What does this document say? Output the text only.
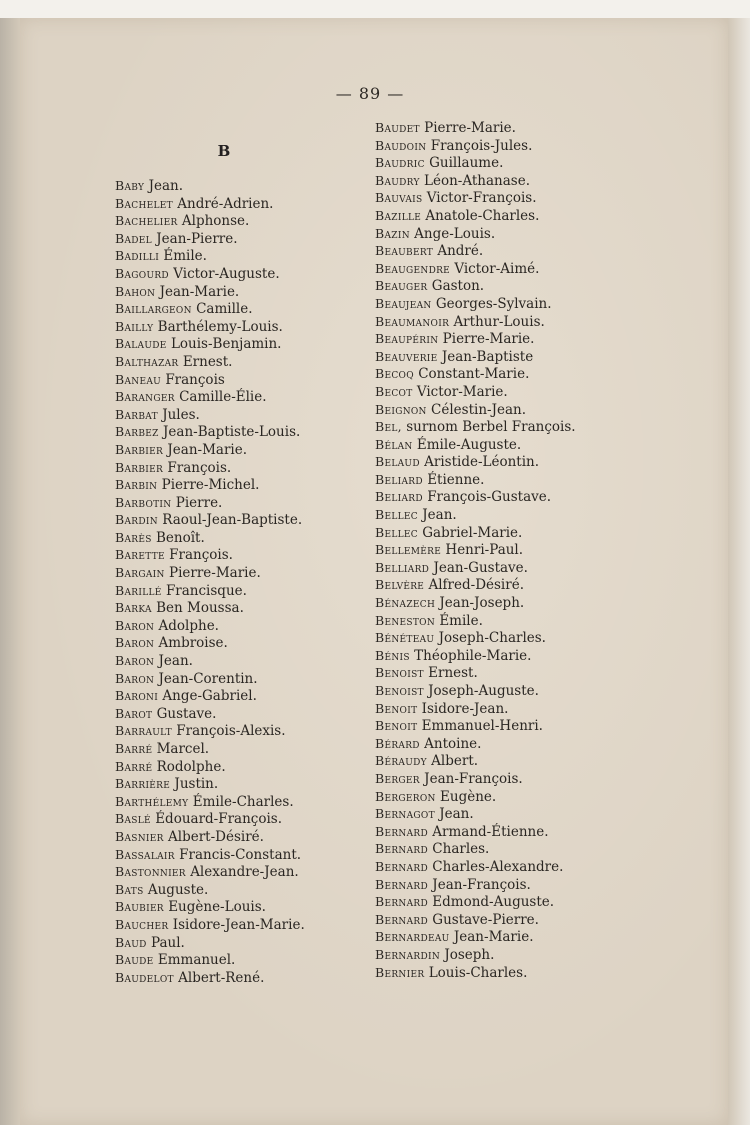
— 89 —
B
Baby Jean.
Bachelet André-Adrien.
Bachelier Alphonse.
Badel Jean-Pierre.
Badilli Émile.
Bagourd Victor-Auguste.
Bahon Jean-Marie.
Baillargeon Camille.
Bailly Barthélemy-Louis.
Balaude Louis-Benjamin.
Balthazar Ernest.
Baneau François
Baranger Camille-Élie.
Barbat Jules.
Barbez Jean-Baptiste-Louis.
Barbier Jean-Marie.
Barbier François.
Barbin Pierre-Michel.
Barbotin Pierre.
Bardin Raoul-Jean-Baptiste.
Barès Benoît.
Barette François.
Bargain Pierre-Marie.
Barillé Francisque.
Barka Ben Moussa.
Baron Adolphe.
Baron Ambroise.
Baron Jean.
Baron Jean-Corentin.
Baroni Ange-Gabriel.
Barot Gustave.
Barrault François-Alexis.
Barré Marcel.
Barré Rodolphe.
Barrière Justin.
Barthélemy Émile-Charles.
Baslé Édouard-François.
Basnier Albert-Désiré.
Bassalair Francis-Constant.
Bastonnier Alexandre-Jean.
Bats Auguste.
Baubier Eugène-Louis.
Baucher Isidore-Jean-Marie.
Baud Paul.
Baude Emmanuel.
Baudelot Albert-René.
Baudet Pierre-Marie.
Baudoin François-Jules.
Baudric Guillaume.
Baudry Léon-Athanase.
Bauvais Victor-François.
Bazille Anatole-Charles.
Bazin Ange-Louis.
Beaubert André.
Beaugendre Victor-Aimé.
Beauger Gaston.
Beaujean Georges-Sylvain.
Beaumanoir Arthur-Louis.
Beaupérin Pierre-Marie.
Beauverie Jean-Baptiste
Becoq Constant-Marie.
Becot Victor-Marie.
Beignon Célestin-Jean.
Bel, surnom Berbel François.
Bélan Émile-Auguste.
Belaud Aristide-Léontin.
Beliard Étienne.
Beliard François-Gustave.
Bellec Jean.
Bellec Gabriel-Marie.
Bellemère Henri-Paul.
Belliard Jean-Gustave.
Belvère Alfred-Désiré.
Bénazech Jean-Joseph.
Beneston Émile.
Bénéteau Joseph-Charles.
Bénis Théophile-Marie.
Benoist Ernest.
Benoist Joseph-Auguste.
Benoit Isidore-Jean.
Benoit Emmanuel-Henri.
Bérard Antoine.
Béraudy Albert.
Berger Jean-François.
Bergeron Eugène.
Bernagot Jean.
Bernard Armand-Étienne.
Bernard Charles.
Bernard Charles-Alexandre.
Bernard Jean-François.
Bernard Edmond-Auguste.
Bernard Gustave-Pierre.
Bernardeau Jean-Marie.
Bernardin Joseph.
Bernier Louis-Charles.
